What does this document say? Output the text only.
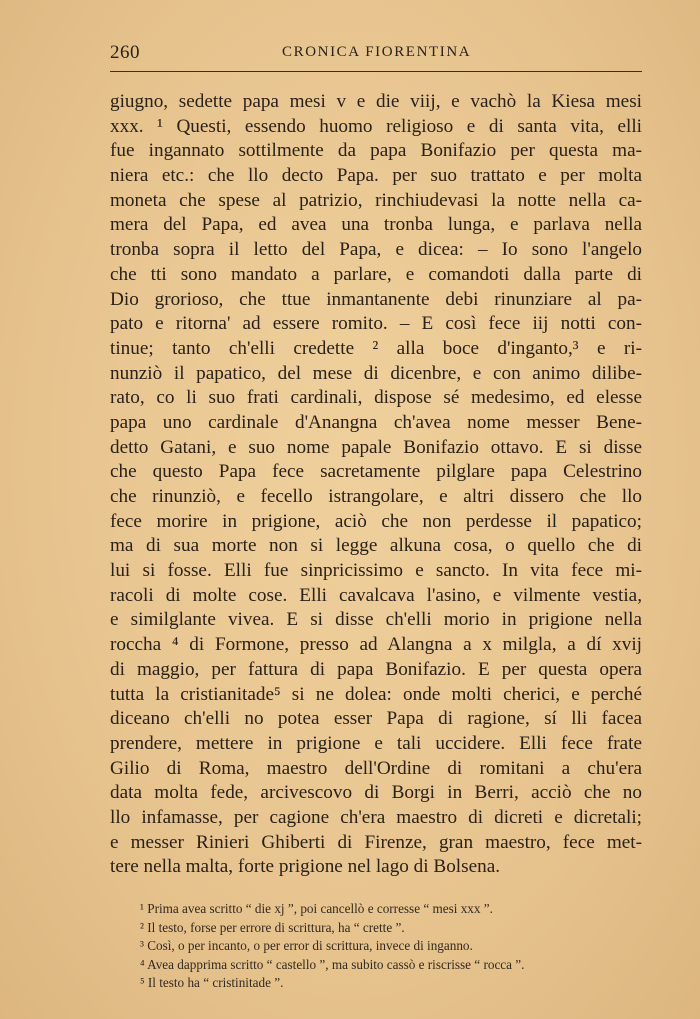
260	CRONICA FIORENTINA
giugno, sedette papa mesi v e die viij, e vachò la Kiesa mesi
xxx. ¹ Questi, essendo huomo religioso e di santa vita, elli
fue ingannato sottilmente da papa Bonifazio per questa ma-
niera etc.: che llo decto Papa. per suo trattato e per molta
moneta che spese al patrizio, rinchiudevasi la notte nella ca-
mera del Papa, ed avea una tronba lunga, e parlava nella
tronba sopra il letto del Papa, e dicea: – Io sono l'angelo
che tti sono mandato a parlare, e comandoti dalla parte di
Dio grorioso, che ttue inmantanente debi rinunziare al pa-
pato e ritorna' ad essere romito. – E così fece iij notti con-
tinue; tanto ch'elli credette ² alla boce d'inganto,³ e ri-
nunziò il papatico, del mese di dicenbre, e con animo dilibe-
rato, co li suo frati cardinali, dispose sé medesimo, ed elesse
papa uno cardinale d'Anangna ch'avea nome messer Bene-
detto Gatani, e suo nome papale Bonifazio ottavo. E si disse
che questo Papa fece sacretamente pilglare papa Celestrino
che rinunziò, e fecello istrangolare, e altri dissero che llo
fece morire in prigione, aciò che non perdesse il papatico;
ma di sua morte non si legge alkuna cosa, o quello che di
lui si fosse. Elli fue sinpricissimo e sancto. In vita fece mi-
racoli di molte cose. Elli cavalcava l'asino, e vilmente vestia,
e similglante vivea. E si disse ch'elli morio in prigione nella
roccha ⁴ di Formone, presso ad Alangna a x milgla, a dí xvij
di maggio, per fattura di papa Bonifazio. E per questa opera
tutta la cristianitade⁵ si ne dolea: onde molti cherici, e perché
diceano ch'elli no potea esser Papa di ragione, sí lli facea
prendere, mettere in prigione e tali uccidere. Elli fece frate
Gilio di Roma, maestro dell'Ordine di romitani a chu'era
data molta fede, arcivescovo di Borgi in Berri, acciò che no
llo infamasse, per cagione ch'era maestro di dicreti e dicretali;
e messer Rinieri Ghiberti di Firenze, gran maestro, fece met-
tere nella malta, forte prigione nel lago di Bolsena.
¹ Prima avea scritto “ die xj ”, poi cancellò e corresse “ mesi xxx ”.
² Il testo, forse per errore di scrittura, ha “ crette ”.
³ Così, o per incanto, o per error di scrittura, invece di inganno.
⁴ Avea dapprima scritto “ castello ”, ma subito cassò e riscrisse “ rocca ”.
⁵ Il testo ha “ cristinitade ”.
